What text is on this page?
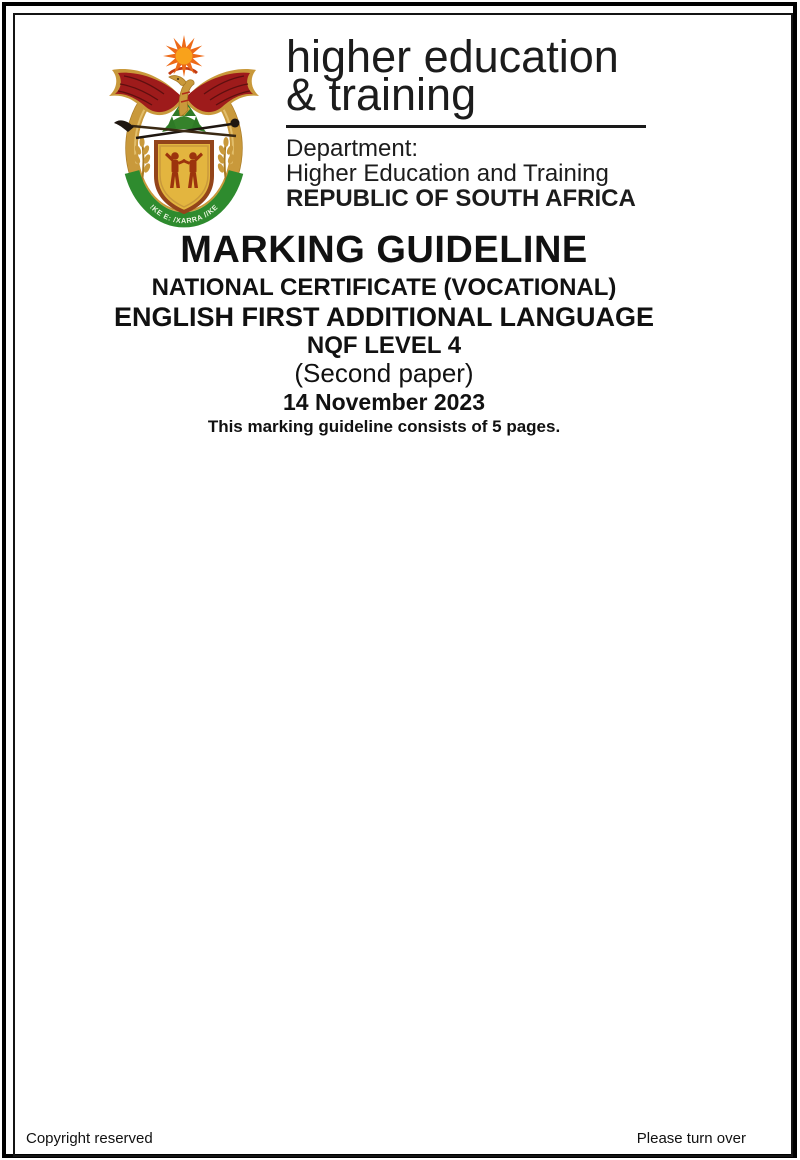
!KE E: /XARRA //KE
higher education
& training
Department:
Higher Education and Training
REPUBLIC OF SOUTH AFRICA
MARKING GUIDELINE
NATIONAL CERTIFICATE (VOCATIONAL)
ENGLISH FIRST ADDITIONAL LANGUAGE
NQF LEVEL 4
(Second paper)
14 November 2023
This marking guideline consists of 5 pages.
Copyright reserved	Please turn over
